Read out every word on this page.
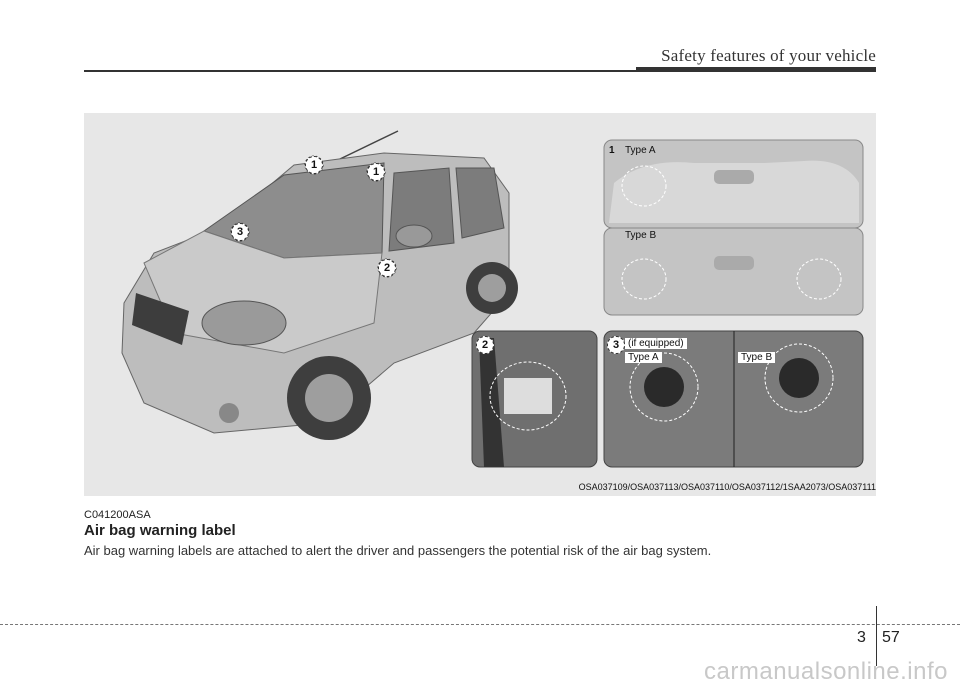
Safety features of your vehicle
1
1
3
2
1 Type A
Type B
2	3 (if equipped)
Type A	Type B
OSA037109/OSA037113/OSA037110/OSA037112/1SAA2073/OSA037111
C041200ASA
Air bag warning label
Air bag warning labels are attached to alert the driver and passengers the potential risk of the air bag system.
3 57
carmanualsonline.info
